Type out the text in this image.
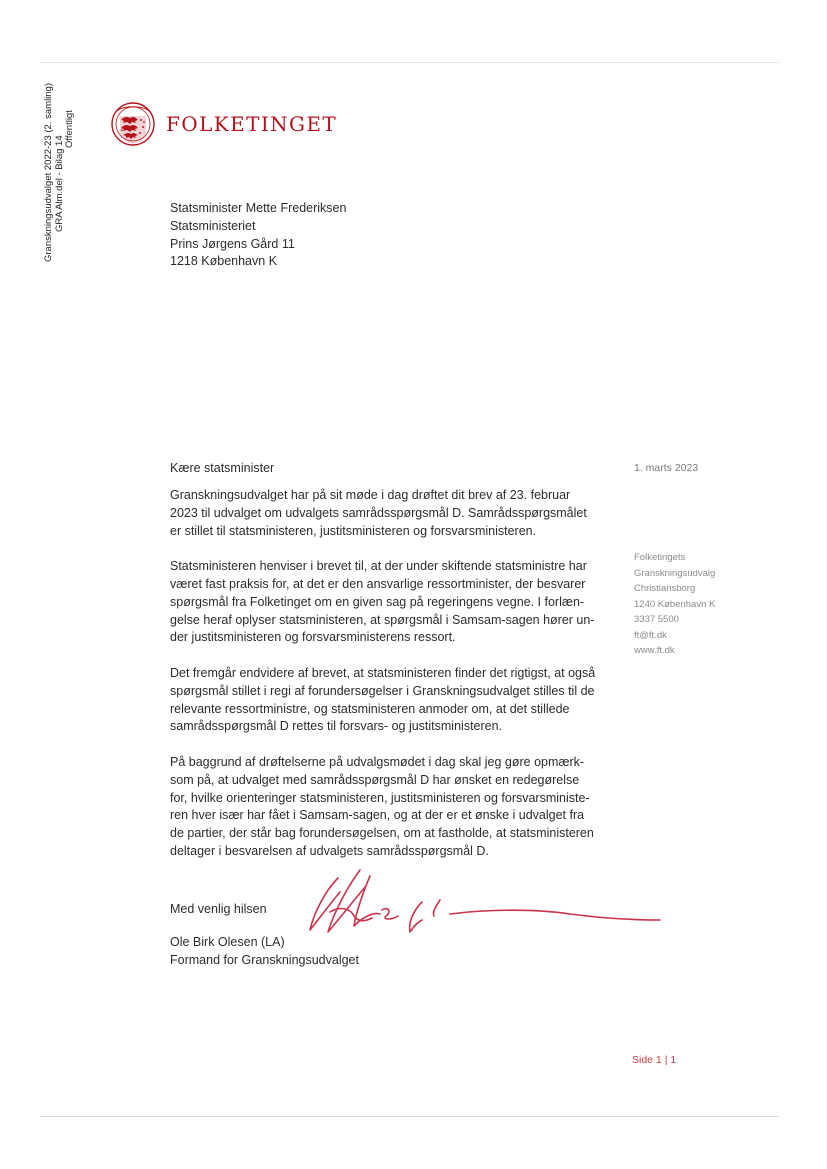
Granskningsudvalget 2022-23 (2. samling) GRA Alm.del - Bilag 14
Offentligt	FOLKETINGET
Statsminister Mette Frederiksen
Statsministeriet
Prins Jørgens Gård 11
1218 København K
1. marts 2023
Folketingets
Granskningsudvalg
Christiansborg
1240 København K
3337 5500
ft@ft.dk
www.ft.dk
Kære statsminister

Granskningsudvalget har på sit møde i dag drøftet dit brev af 23. februar
2023 til udvalget om udvalgets samrådsspørgsmål D. Samrådsspørgsmålet
er stillet til statsministeren, justitsministeren og forsvarsministeren.

Statsministeren henviser i brevet til, at der under skiftende statsministre har
været fast praksis for, at det er den ansvarlige ressortminister, der besvarer
spørgsmål fra Folketinget om en given sag på regeringens vegne. I forlæn-
gelse heraf oplyser statsministeren, at spørgsmål i Samsam-sagen hører un-
der justitsministeren og forsvarsministerens ressort.

Det fremgår endvidere af brevet, at statsministeren finder det rigtigst, at også
spørgsmål stillet i regi af forundersøgelser i Granskningsudvalget stilles til de
relevante ressortministre, og statsministeren anmoder om, at det stillede
samrådsspørgsmål D rettes til forsvars- og justitsministeren.

På baggrund af drøftelserne på udvalgsmødet i dag skal jeg gøre opmærk-
som på, at udvalget med samrådsspørgsmål D har ønsket en redegørelse
for, hvilke orienteringer statsministeren, justitsministeren og forsvarsministe-
ren hver især har fået i Samsam-sagen, og at der er et ønske i udvalget fra
de partier, der står bag forundersøgelsen, om at fastholde, at statsministeren
deltager i besvarelsen af udvalgets samrådsspørgsmål D.

Med venlig hilsen
Ole Birk Olesen (LA)
Formand for Granskningsudvalget
Side 1 | 1
